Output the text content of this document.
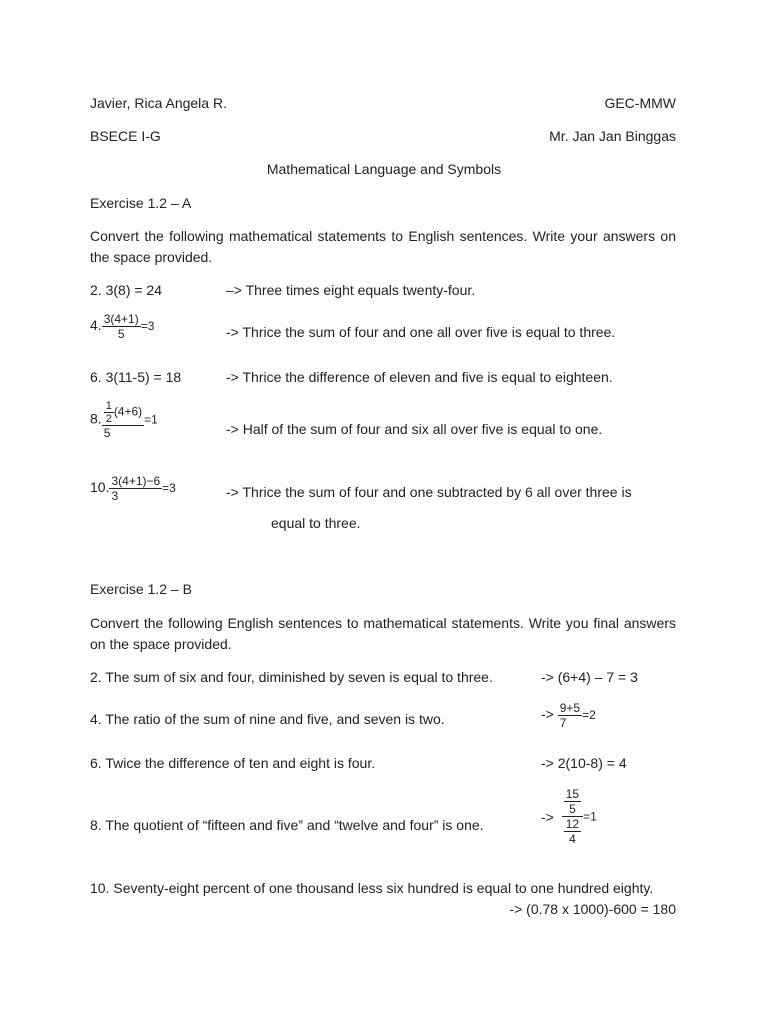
Javier, Rica Angela R.	GEC-MMW
BSECE I-G	Mr. Jan Jan Binggas
Mathematical Language and Symbols
Exercise 1.2 – A
Convert the following mathematical statements to English sentences. Write your answers on the space provided.
2. 3(8) = 24	–> Three times eight equals twenty-four.
4. $\frac{3(4+1)}{5} =3$	-> Thrice the sum of four and one all over five is equal to three.
6. 3(11-5) = 18	-> Thrice the difference of eleven and five is equal to eighteen.
8. $\frac{\frac{1}{2} (4+6)}{5} =1$
-> Half of the sum of four and six all over five is equal to one.
10. $\frac{3(4+1)-6}{3} =3$	-> Thrice the sum of four and one subtracted by 6 all over three is
equal to three.
Exercise 1.2 – B
Convert the following English sentences to mathematical statements. Write you final answers on the space provided.
2. The sum of six and four, diminished by seven is equal to three.	-> (6+4) – 7 = 3
4. The ratio of the sum of nine and five, and seven is two.	-> $\frac{9+5}{7} =2$
6. Twice the difference of ten and eight is four.	-> 2(10-8) = 4
8. The quotient of “fifteen and five” and “twelve and four” is one.
-> $\frac{\frac{15}{5}}{\frac{12}{4}} =1$
10. Seventy-eight percent of one thousand less six hundred is equal to one hundred eighty.
-> (0.78 x 1000)-600 = 180
